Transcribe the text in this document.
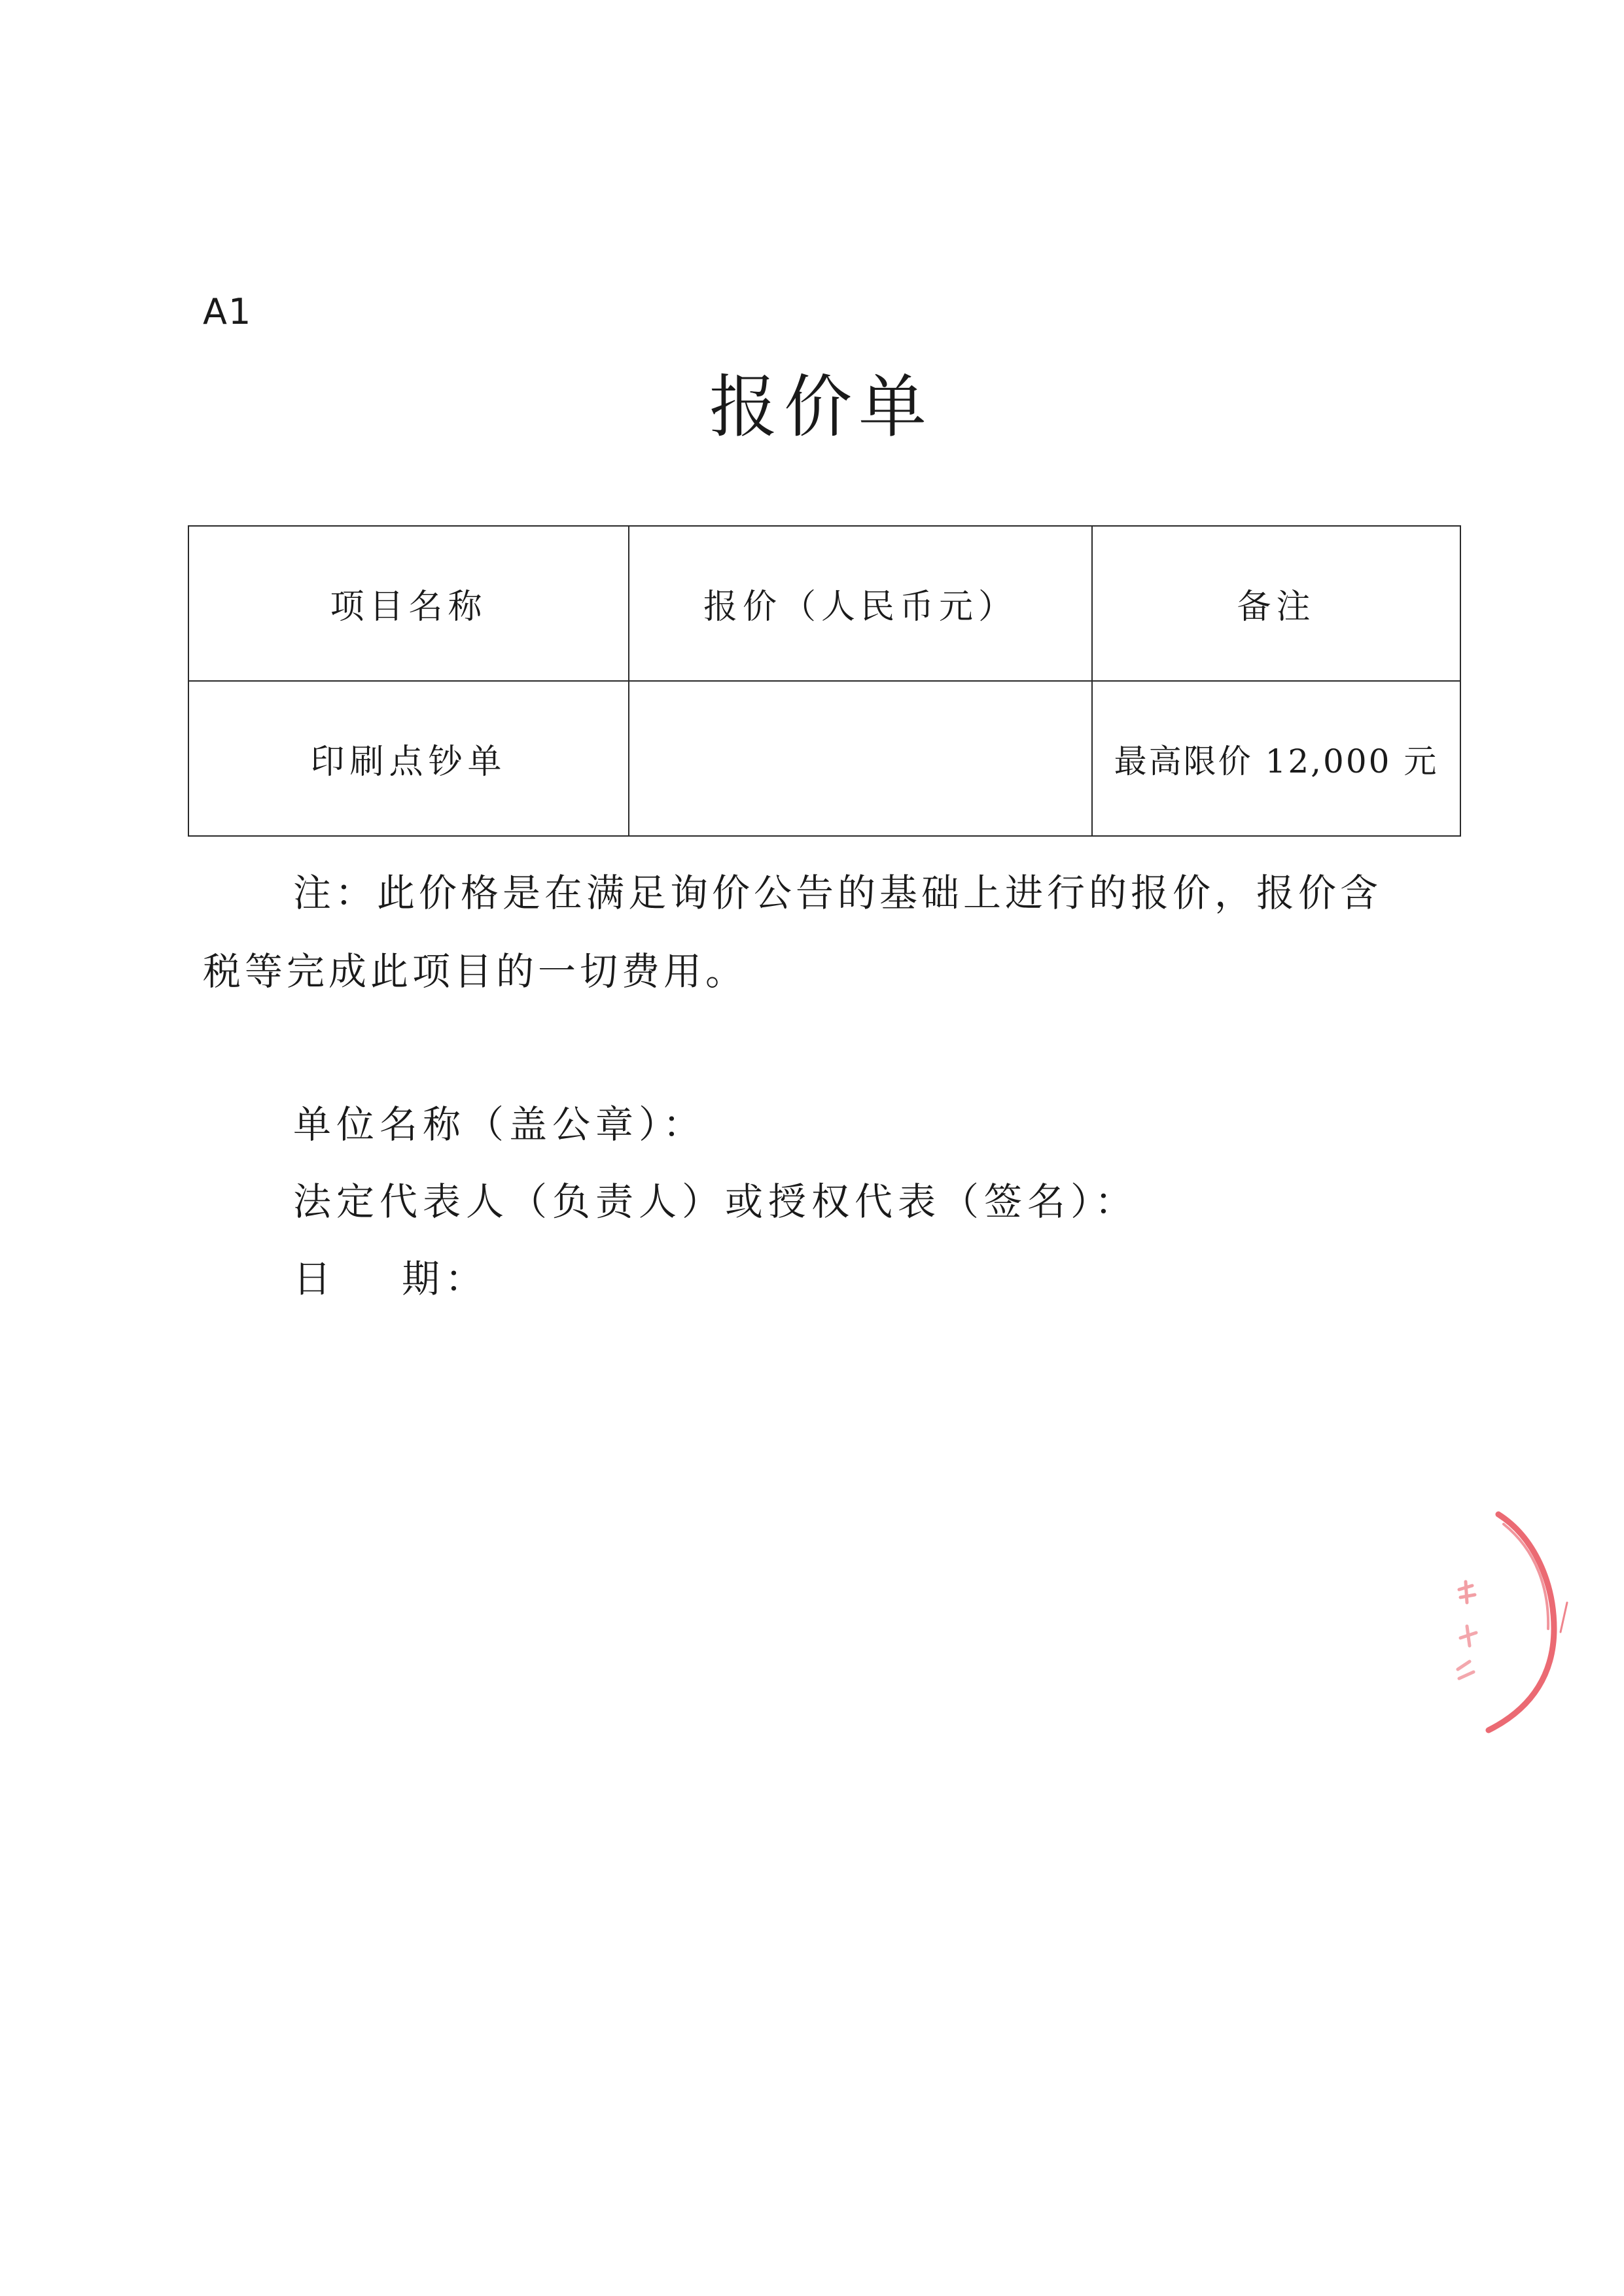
A1
报价单
项目名称	报价（人民币元）	备注
印刷点钞单		最高限价 12,000 元

注：此价格是在满足询价公告的基础上进行的报价，报价含税等完成此项目的一切费用。

单位名称（盖公章）：
法定代表人（负责人）或授权代表（签名）：
日 期：
